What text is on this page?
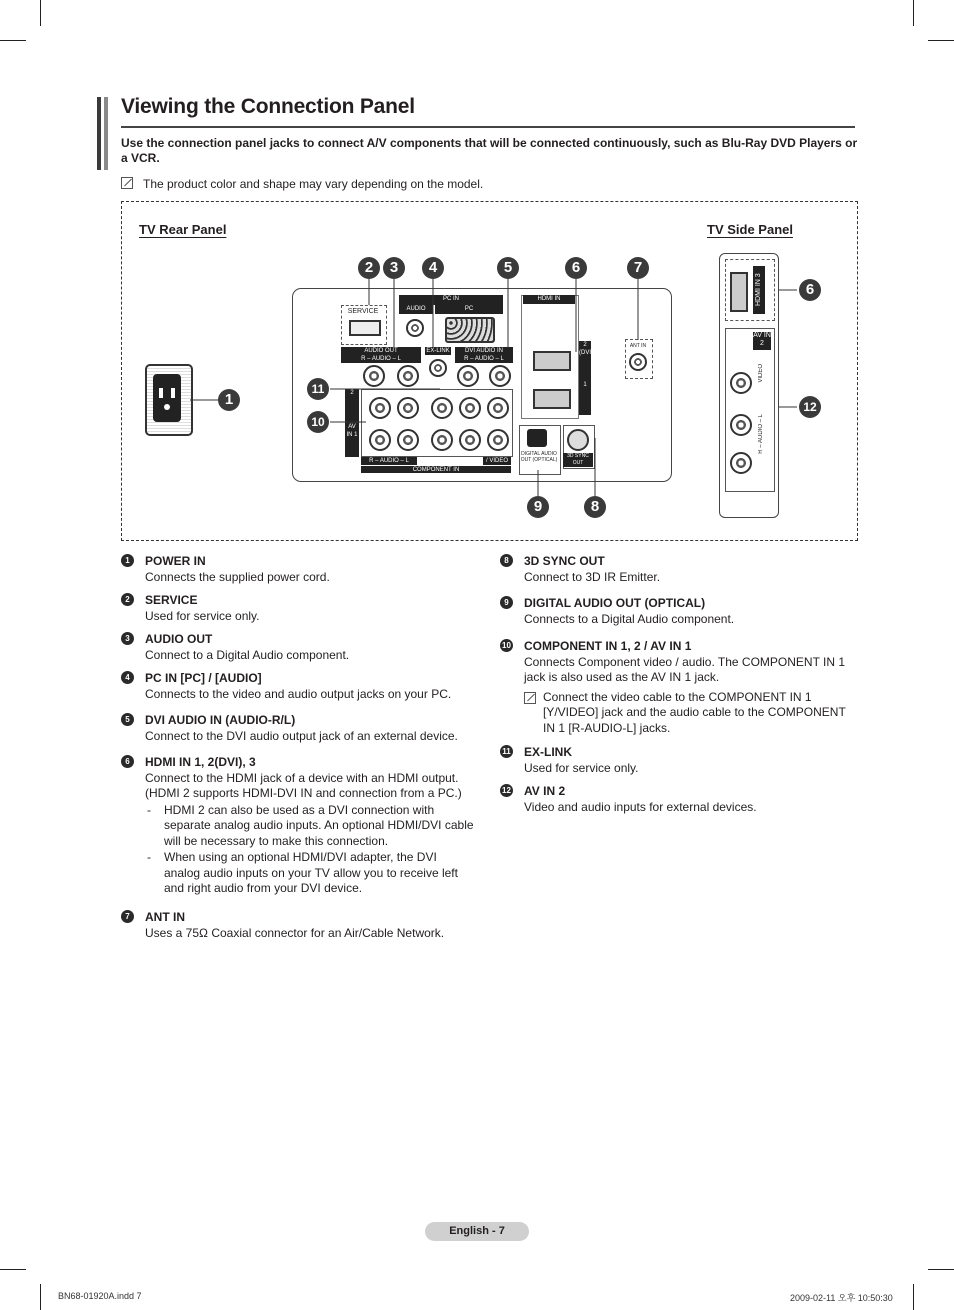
Viewing the Connection Panel
Use the connection panel jacks to connect A/V components that will be connected continuously, such as Blu-Ray DVD Players or a VCR.
The product color and shape may vary depending on the model.
TV Rear Panel	TV Side Panel
SERVICE
PC IN
AUDIO	PC
HDMI IN
2 (DVI)
1
AUDIO OUT
R – AUDIO – L
EX-LINK	DVI AUDIO IN
R – AUDIO – L
ANT IN
2
AV IN 1
R – AUDIO – L	/ VIDEO
COMPONENT IN
DIGITAL AUDIO OUT (OPTICAL)
3D SYNC OUT
1
2	3	4	5	6	7
8
9
10
11
6
12
HDMI IN 3
AV IN 2
VIDEO
R – AUDIO – L
1	POWER IN
Connects the supplied power cord.
2	SERVICE
Used for service only.
3	AUDIO OUT
Connect to a Digital Audio component.
4	PC IN [PC] / [AUDIO]
Connects to the video and audio output jacks on your PC.
5	DVI AUDIO IN (AUDIO-R/L)
Connect to the DVI audio output jack of an external device.
6	HDMI IN 1, 2(DVI), 3
Connect to the HDMI jack of a device with an HDMI output. (HDMI 2 supports HDMI-DVI IN and connection from a PC.)
- HDMI 2 can also be used as a DVI connection with separate analog audio inputs. An optional HDMI/DVI cable will be necessary to make this connection.
- When using an optional HDMI/DVI adapter, the DVI analog audio inputs on your TV allow you to receive left and right audio from your DVI device.
7	ANT IN
Uses a 75Ω Coaxial connector for an Air/Cable Network.
8	3D SYNC OUT
Connect to 3D IR Emitter.
9	DIGITAL AUDIO OUT (OPTICAL)
Connects to a Digital Audio component.
10 COMPONENT IN 1, 2 / AV IN 1
Connects Component video / audio. The COMPONENT IN 1 jack is also used as the AV IN 1 jack.
Connect the video cable to the COMPONENT IN 1 [Y/VIDEO] jack and the audio cable to the COMPONENT IN 1 [R-AUDIO-L] jacks.
11 EX-LINK
Used for service only.
12 AV IN 2
Video and audio inputs for external devices.
English - 7
BN68-01920A.indd 7	2009-02-11 오후 10:50:30
